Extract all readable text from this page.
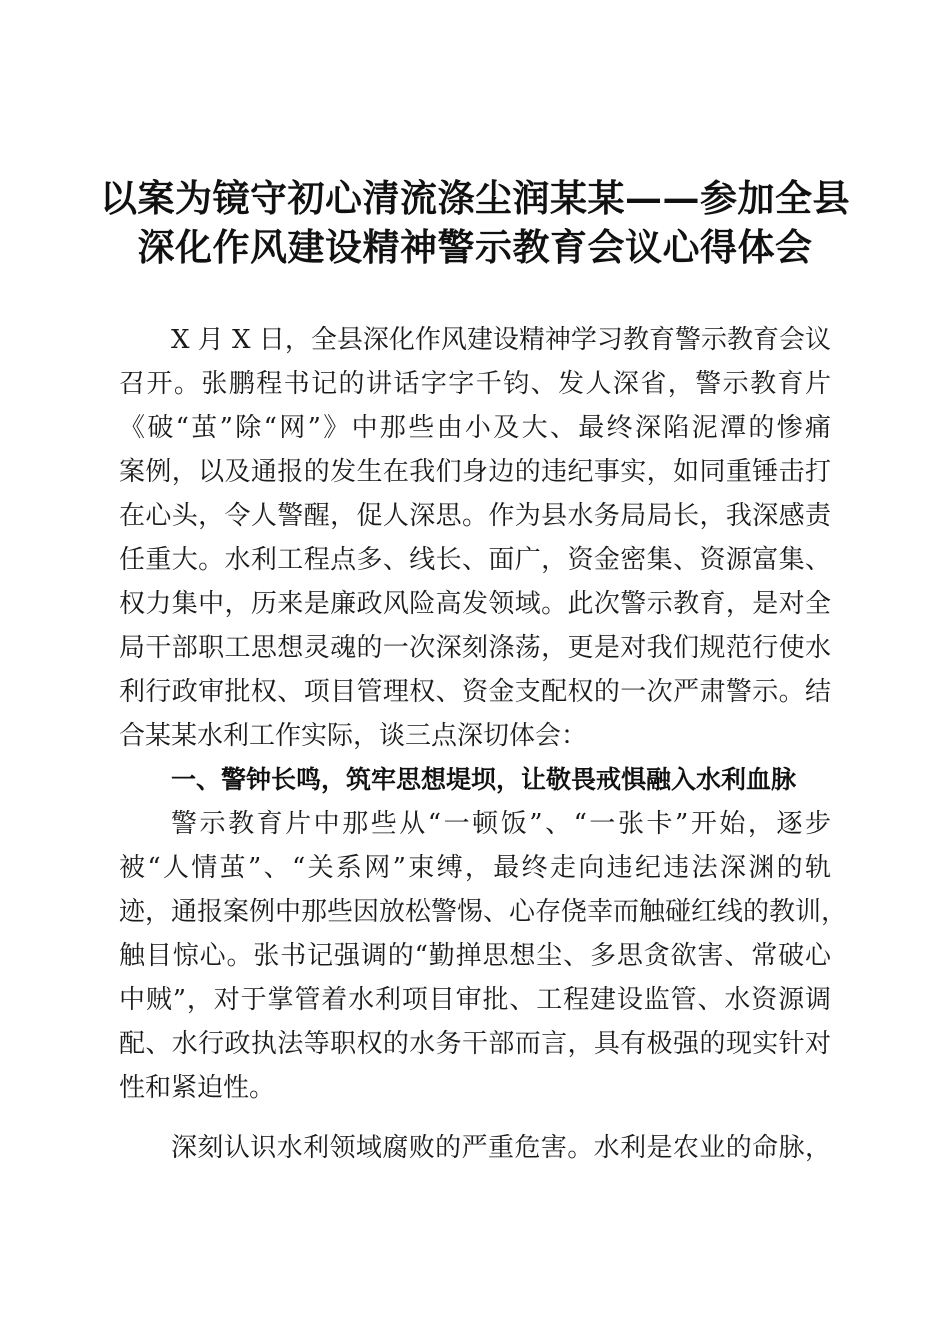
以案为镜守初心清流涤尘润某某——参加全县
深化作风建设精神警示教育会议心得体会
X 月 X 日，全县深化作风建设精神学习教育警示教育会议
召开。张鹏程书记的讲话字字千钧、发人深省，警示教育片
《破“茧”除“网”》中那些由小及大、最终深陷泥潭的惨痛
案例，以及通报的发生在我们身边的违纪事实，如同重锤击打
在心头，令人警醒，促人深思。作为县水务局局长，我深感责
任重大。水利工程点多、线长、面广，资金密集、资源富集、
权力集中，历来是廉政风险高发领域。此次警示教育，是对全
局干部职工思想灵魂的一次深刻涤荡，更是对我们规范行使水
利行政审批权、项目管理权、资金支配权的一次严肃警示。结
合某某水利工作实际，谈三点深切体会：
一、警钟长鸣，筑牢思想堤坝，让敬畏戒惧融入水利血脉
警示教育片中那些从“一顿饭”、“一张卡”开始，逐步
被“人情茧”、“关系网”束缚，最终走向违纪违法深渊的轨
迹，通报案例中那些因放松警惕、心存侥幸而触碰红线的教训，
触目惊心。张书记强调的“勤掸思想尘、多思贪欲害、常破心
中贼”，对于掌管着水利项目审批、工程建设监管、水资源调
配、水行政执法等职权的水务干部而言，具有极强的现实针对
性和紧迫性。
深刻认识水利领域腐败的严重危害。水利是农业的命脉，
